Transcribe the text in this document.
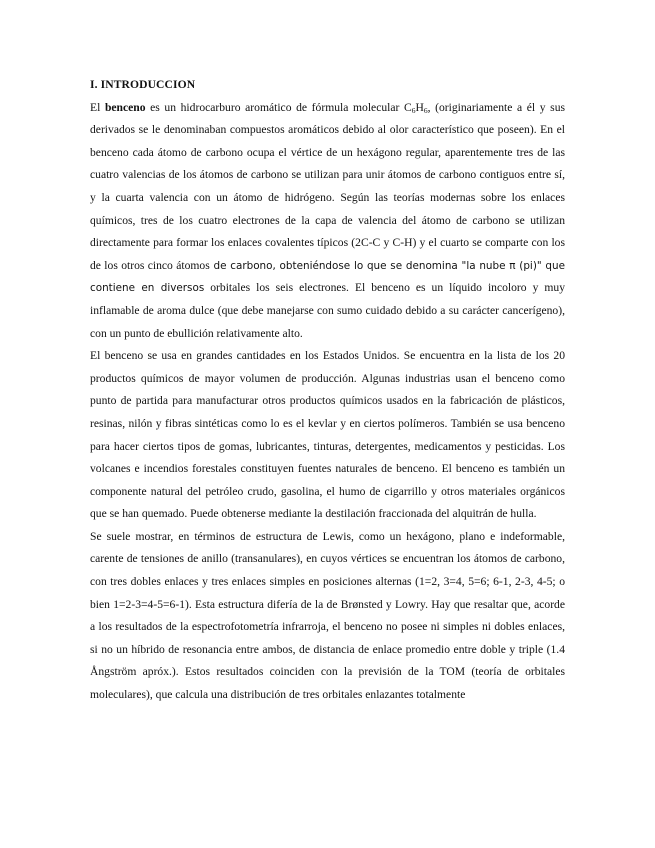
I. INTRODUCCION

El benceno es un hidrocarburo aromático de fórmula molecular $C_6H_6$, (originariamente a él y sus derivados se le denominaban compuestos aromáticos debido al olor característico que poseen). En el benceno cada átomo de carbono ocupa el vértice de un hexágono regular, aparentemente tres de las cuatro valencias de los átomos de carbono se utilizan para unir átomos de carbono contiguos entre sí, y la cuarta valencia con un átomo de hidrógeno. Según las teorías modernas sobre los enlaces químicos, tres de los cuatro electrones de la capa de valencia del átomo de carbono se utilizan directamente para formar los enlaces covalentes típicos (2C-C y C-H) y el cuarto se comparte con los de los otros cinco átomos de carbono, obteniéndose lo que se denomina "la nube π (pi)" que contiene en diversos orbitales los seis electrones. El benceno es un líquido incoloro y muy inflamable de aroma dulce (que debe manejarse con sumo cuidado debido a su carácter cancerígeno), con un punto de ebullición relativamente alto.

El benceno se usa en grandes cantidades en los Estados Unidos. Se encuentra en la lista de los 20 productos químicos de mayor volumen de producción. Algunas industrias usan el benceno como punto de partida para manufacturar otros productos químicos usados en la fabricación de plásticos, resinas, nilón y fibras sintéticas como lo es el kevlar y en ciertos polímeros. También se usa benceno para hacer ciertos tipos de gomas, lubricantes, tinturas, detergentes, medicamentos y pesticidas. Los volcanes e incendios forestales constituyen fuentes naturales de benceno. El benceno es también un componente natural del petróleo crudo, gasolina, el humo de cigarrillo y otros materiales orgánicos que se han quemado. Puede obtenerse mediante la destilación fraccionada del alquitrán de hulla.

Se suele mostrar, en términos de estructura de Lewis, como un hexágono, plano e indeformable, carente de tensiones de anillo (transanulares), en cuyos vértices se encuentran los átomos de carbono, con tres dobles enlaces y tres enlaces simples en posiciones alternas (1=2, 3=4, 5=6; 6-1, 2-3, 4-5; o bien 1=2-3=4-5=6-1). Esta estructura difería de la de Brønsted y Lowry. Hay que resaltar que, acorde a los resultados de la espectrofotometría infrarroja, el benceno no posee ni simples ni dobles enlaces, si no un híbrido de resonancia entre ambos, de distancia de enlace promedio entre doble y triple (1.4 Ångström apróx.). Estos resultados coinciden con la previsión de la TOM (teoría de orbitales moleculares), que calcula una distribución de tres orbitales enlazantes totalmente
